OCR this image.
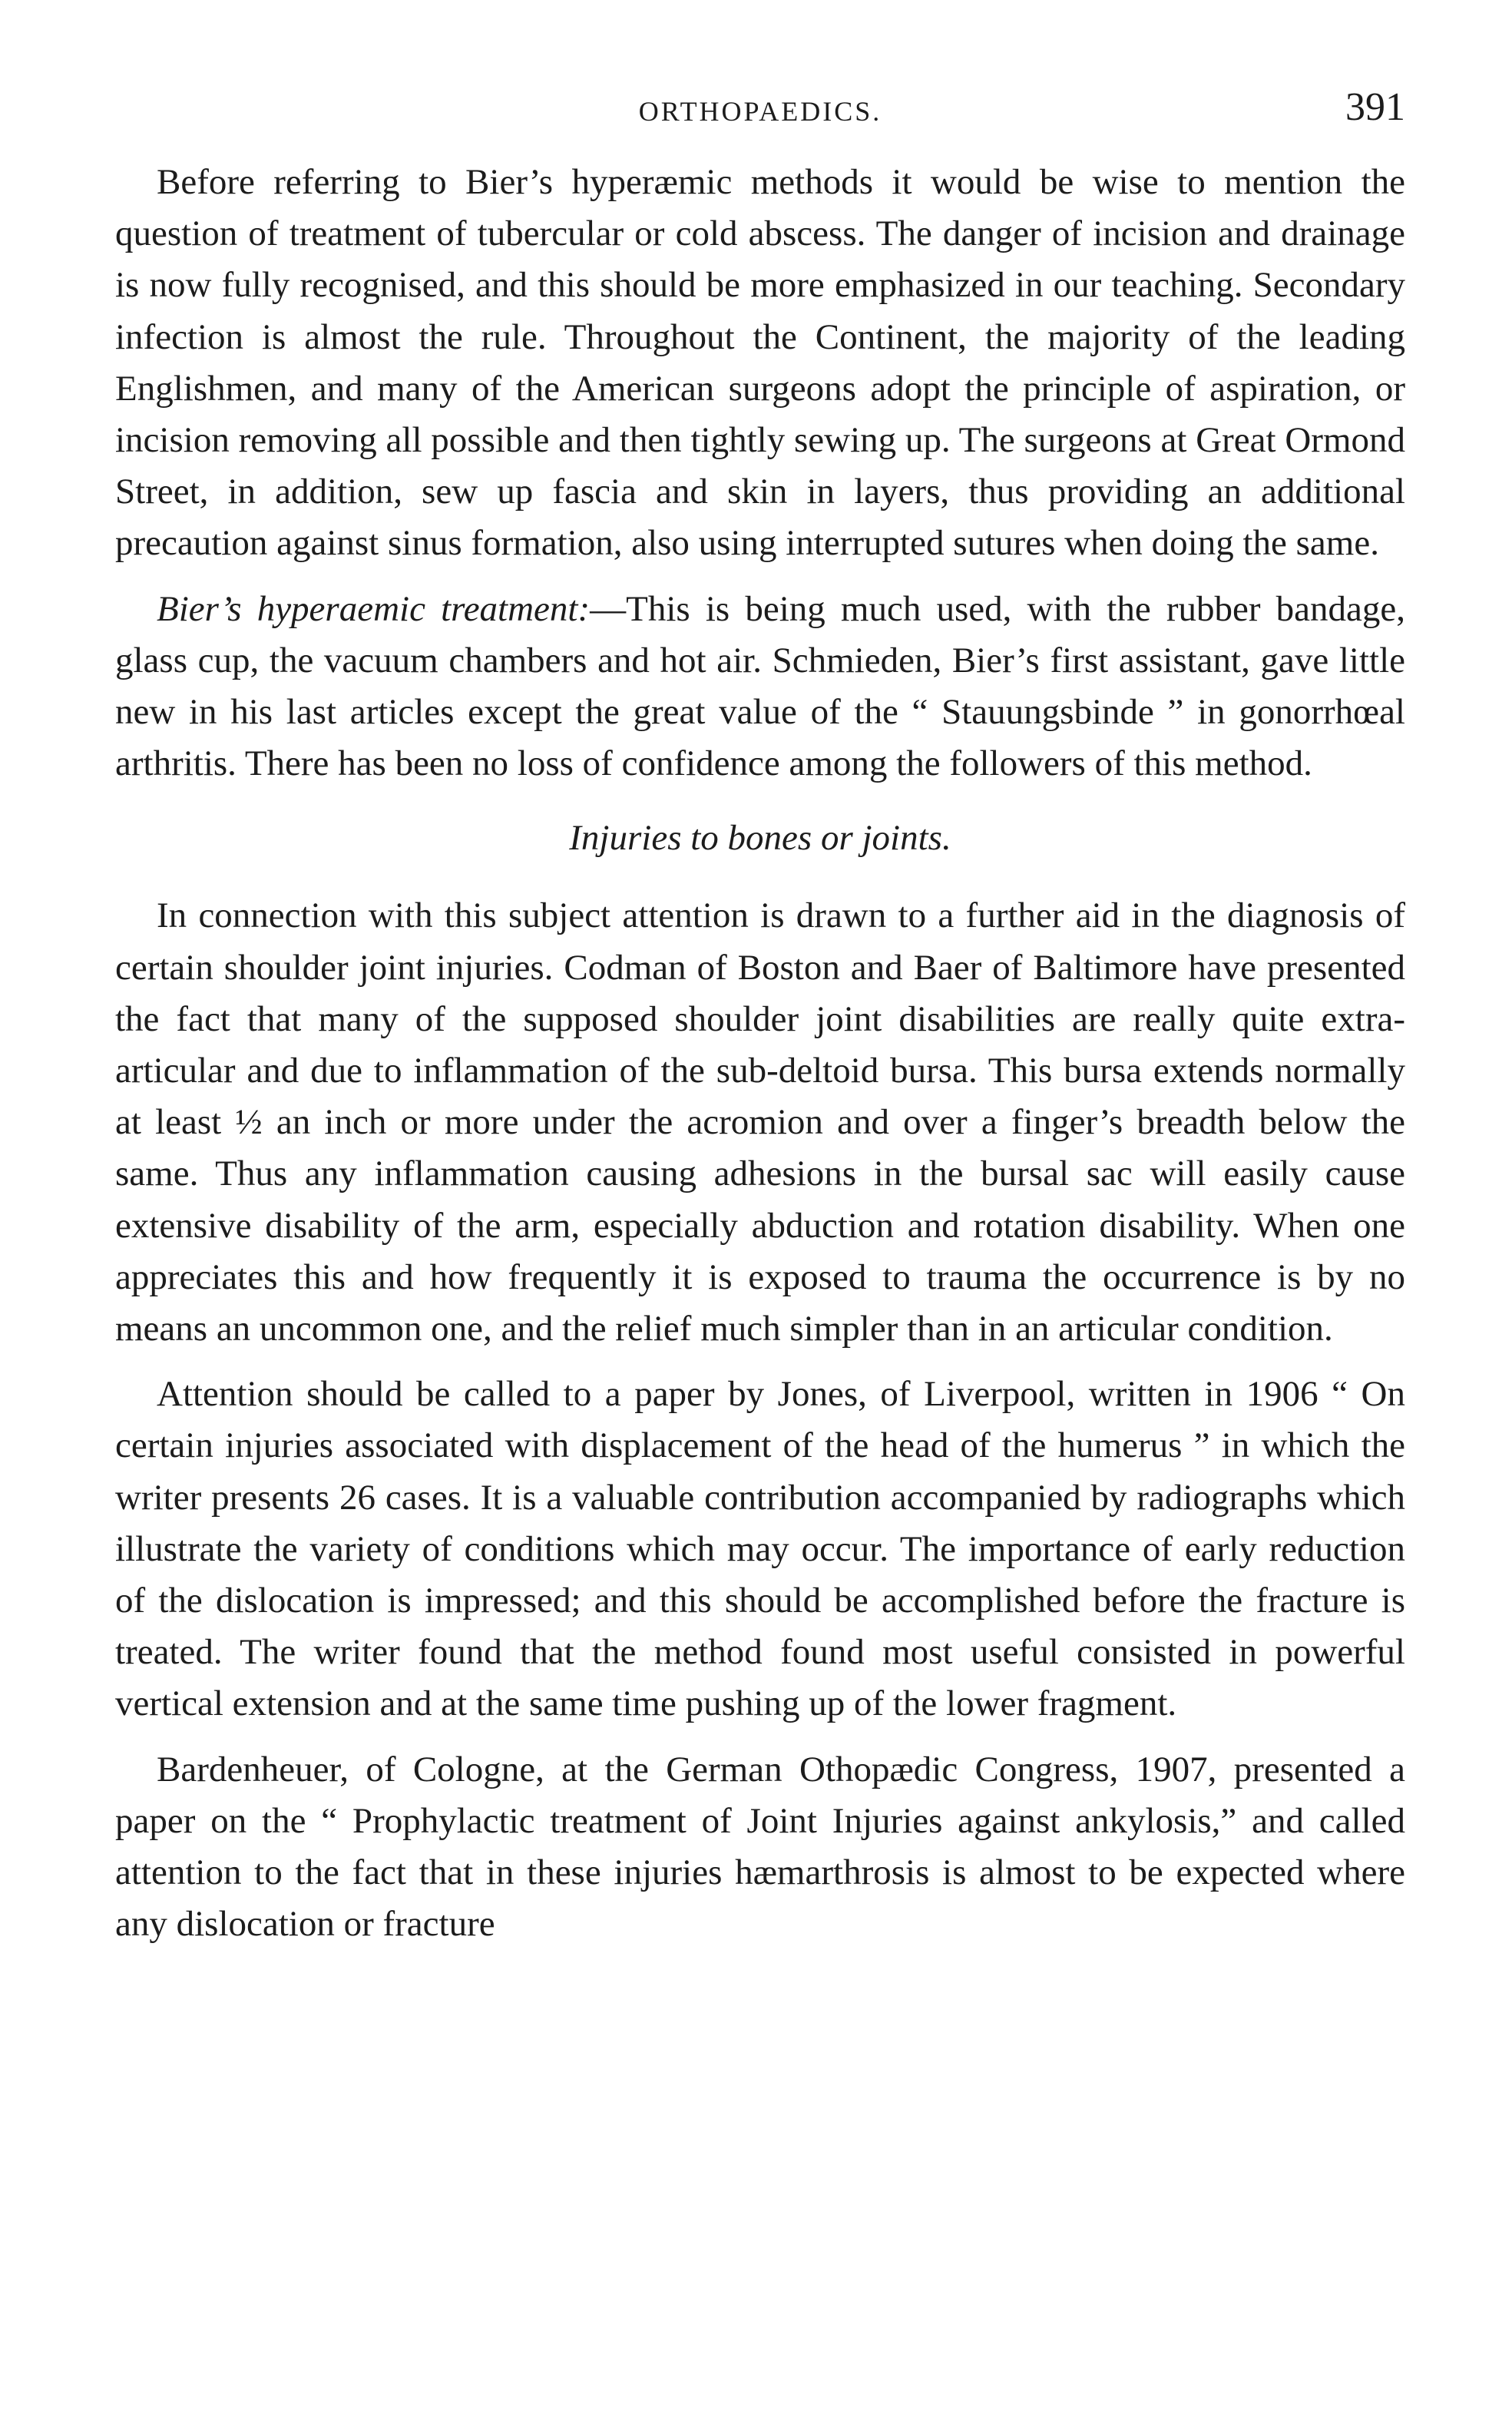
ORTHOPAEDICS.	391

Before referring to Bier’s hyperæmic methods it would be wise to mention the question of treatment of tubercular or cold abscess. The danger of incision and drainage is now fully recognised, and this should be more emphasized in our teaching. Secondary infection is almost the rule. Throughout the Continent, the majority of the leading Englishmen, and many of the American surgeons adopt the principle of aspiration, or incision removing all possible and then tightly sewing up. The surgeons at Great Ormond Street, in addition, sew up fascia and skin in layers, thus providing an additional precaution against sinus formation, also using interrupted sutures when doing the same.

Bier’s hyperaemic treatment:—This is being much used, with the rubber bandage, glass cup, the vacuum chambers and hot air. Schmieden, Bier’s first assistant, gave little new in his last articles except the great value of the “ Stauungsbinde ” in gonorrhœal arthritis. There has been no loss of confidence among the followers of this method.

Injuries to bones or joints.

In connection with this subject attention is drawn to a further aid in the diagnosis of certain shoulder joint injuries. Codman of Boston and Baer of Baltimore have presented the fact that many of the supposed shoulder joint disabilities are really quite extra-articular and due to inflammation of the sub-deltoid bursa. This bursa extends normally at least ½ an inch or more under the acromion and over a finger’s breadth below the same. Thus any inflammation causing adhesions in the bursal sac will easily cause extensive disability of the arm, especially abduction and rotation disability. When one appreciates this and how frequently it is exposed to trauma the occurrence is by no means an uncommon one, and the relief much simpler than in an articular condition.

Attention should be called to a paper by Jones, of Liverpool, written in 1906 “ On certain injuries associated with displacement of the head of the humerus ” in which the writer presents 26 cases. It is a valuable contribution accompanied by radiographs which illustrate the variety of conditions which may occur. The importance of early reduction of the dislocation is impressed; and this should be accomplished before the fracture is treated. The writer found that the method found most useful consisted in powerful vertical extension and at the same time pushing up of the lower fragment.

Bardenheuer, of Cologne, at the German Othopædic Congress, 1907, presented a paper on the “ Prophylactic treatment of Joint Injuries against ankylosis,” and called attention to the fact that in these injuries hæmarthrosis is almost to be expected where any dislocation or fracture
